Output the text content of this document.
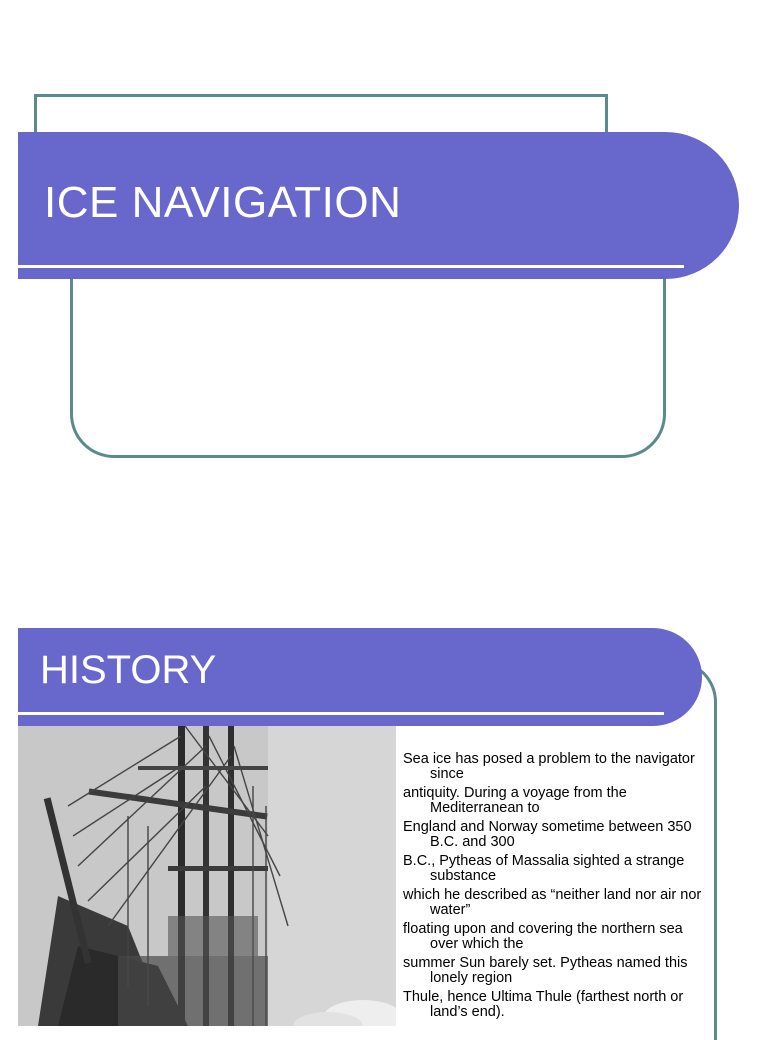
ICE NAVIGATION
HISTORY

Sea ice has posed a problem to the navigator since

antiquity. During a voyage from the Mediterranean to

England and Norway sometime between 350 B.C. and 300

B.C., Pytheas of Massalia sighted a strange substance

which he described as “neither land nor air nor water”

floating upon and covering the northern sea over which the

summer Sun barely set. Pytheas named this lonely region

Thule, hence Ultima Thule (farthest north or land’s end).
